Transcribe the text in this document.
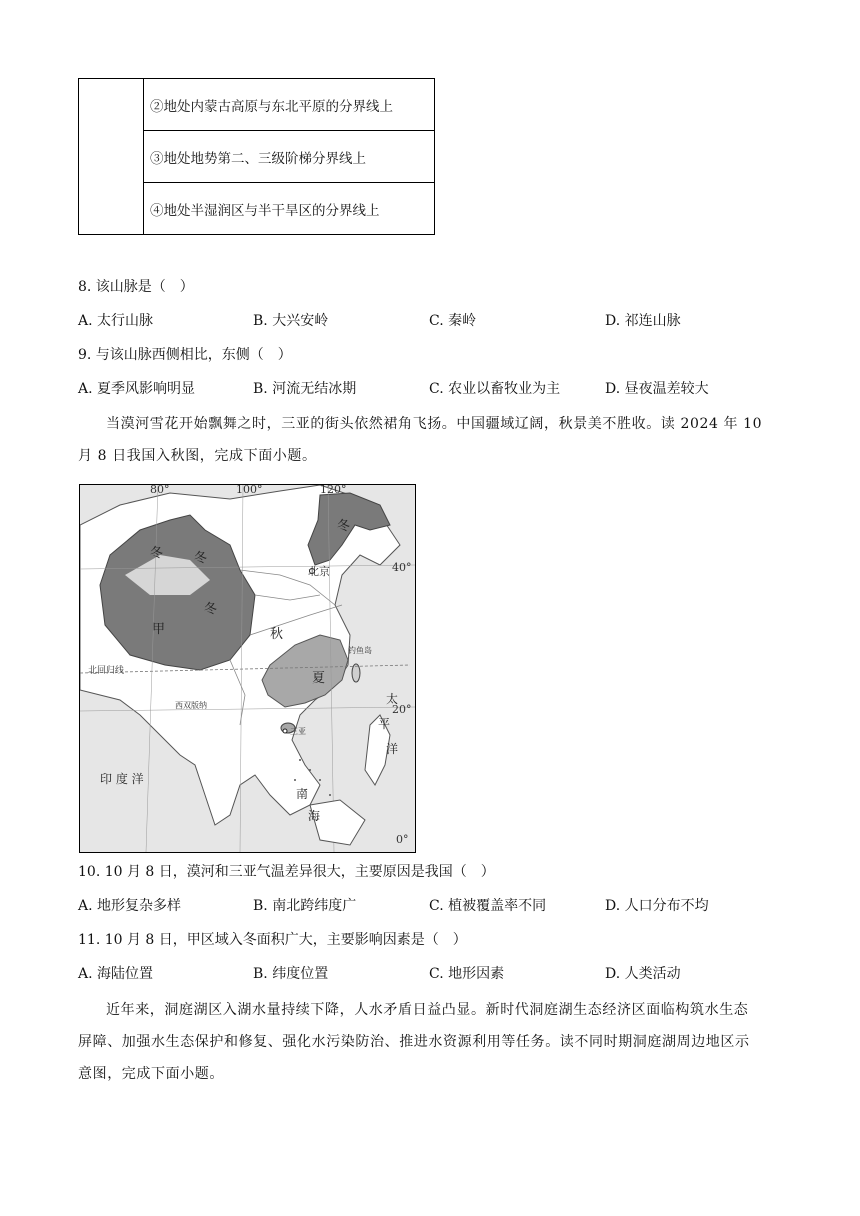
	②地处内蒙古高原与东北平原的分界线上
③地处地势第二、三级阶梯分界线上
④地处半湿润区与半干旱区的分界线上
8. 该山脉是（　）
A. 太行山脉	B. 大兴安岭	C. 秦岭	D. 祁连山脉
9. 与该山脉西侧相比，东侧（　）
A. 夏季风影响明显	B. 河流无结冰期	C. 农业以畜牧业为主	D. 昼夜温差较大
当漠河雪花开始飘舞之时，三亚的街头依然裙角飞扬。中国疆域辽阔，秋景美不胜收。读 2024 年 10
月 8 日我国入秋图，完成下面小题。
80°	100°	120°
40°
20°
0°
冬 冬
冬
冬
甲	秋
夏
北京
北回归线
西双版纳
三亚
钓鱼岛
印 度 洋
太
平
洋
南
海
10. 10 月 8 日，漠河和三亚气温差异很大，主要原因是我国（　）
A. 地形复杂多样	B. 南北跨纬度广	C. 植被覆盖率不同	D. 人口分布不均
11. 10 月 8 日，甲区域入冬面积广大，主要影响因素是（　）
A. 海陆位置	B. 纬度位置	C. 地形因素	D. 人类活动
近年来，洞庭湖区入湖水量持续下降，人水矛盾日益凸显。新时代洞庭湖生态经济区面临构筑水生态
屏障、加强水生态保护和修复、强化水污染防治、推进水资源利用等任务。读不同时期洞庭湖周边地区示
意图，完成下面小题。
